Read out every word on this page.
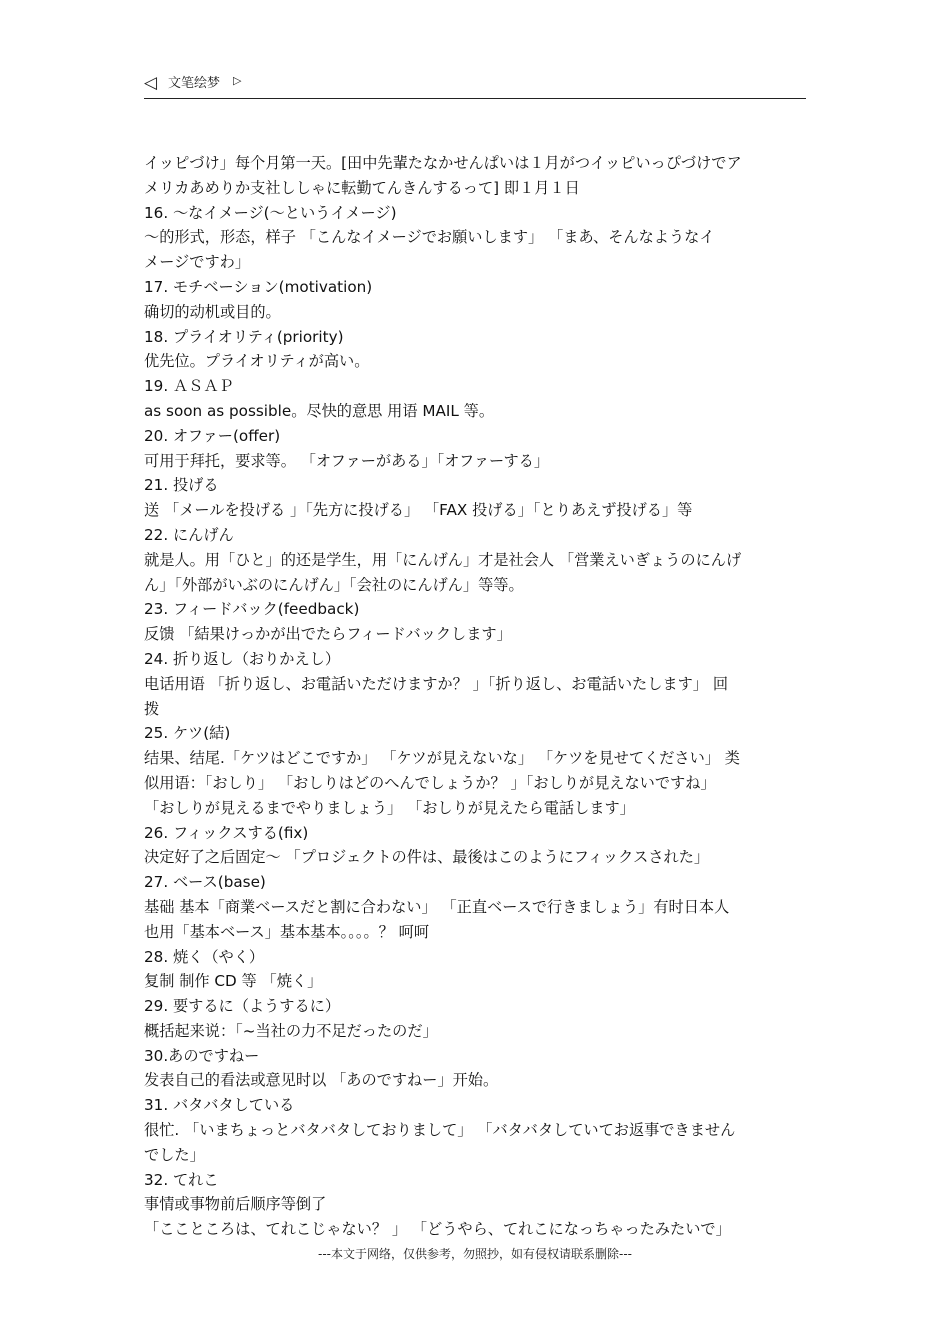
◁ 文笔绘梦 ▷
イッピづけ」每个月第一天。[田中先輩たなかせんぱいは１月がつイッピいっぴづけでア
メリカあめりか支社ししゃに転勤てんきんするって] 即１月１日
16. ～なイメージ(～というイメージ)
～的形式，形态，样子 「こんなイメージでお願いします」 「まあ、そんなようなイ
メージですわ」
17. モチベーション(motivation)
确切的动机或目的。
18. プライオリティ(priority)
优先位。プライオリティが高い。
19. ＡＳＡＰ
as soon as possible。尽快的意思 用语 MAIL 等。
20. オファー(offer)
可用于拜托，要求等。 「オファーがある」「オファーする」
21. 投げる
送 「メールを投げる 」「先方に投げる」 「FAX 投げる」「とりあえず投げる」等
22. にんげん
就是人。用「ひと」的还是学生，用「にんげん」才是社会人 「営業えいぎょうのにんげ
ん」「外部がいぶのにんげん」「会社のにんげん」等等。
23. フィードバック(feedback)
反馈 「結果けっかが出でたらフィードバックします」
24. 折り返し（おりかえし）
电话用语 「折り返し、お電話いただけますか？ 」「折り返し、お電話いたします」 回
拨
25. ケツ(結)
结果、结尾.「ケツはどこですか」 「ケツが見えないな」 「ケツを見せてください」 类
似用语：「おしり」 「おしりはどのへんでしょうか？ 」「おしりが見えないですね」
「おしりが見えるまでやりましょう」 「おしりが見えたら電話します」
26. フィックスする(fix)
决定好了之后固定～ 「プロジェクトの件は、最後はこのようにフィックスされた」
27. ベース(base)
基础 基本「商業ベースだと割に合わない」 「正直ベースで行きましょう」有时日本人
也用「基本ベース」基本基本。。。。？ 呵呵
28. 焼く（やく）
复制 制作 CD 等 「焼く」
29. 要するに（ようするに）
概括起来说：「~当社の力不足だったのだ」
30.あのですねー
发表自己的看法或意见时以 「あのですねー」开始。
31. バタバタしている
很忙. 「いまちょっとバタバタしておりまして」 「バタバタしていてお返事できません
でした」
32. てれこ
事情或事物前后顺序等倒了
「ここところは、てれこじゃない？ 」 「どうやら、てれこになっちゃったみたいで」
---本文于网络，仅供参考，勿照抄，如有侵权请联系删除---
